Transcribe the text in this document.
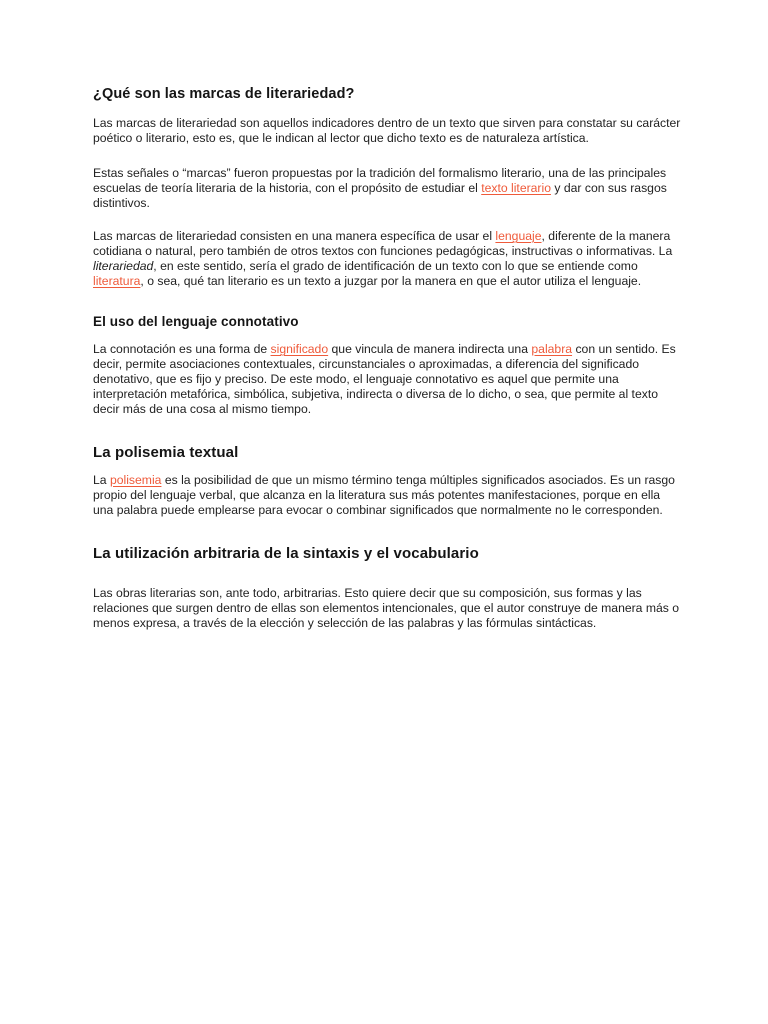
¿Qué son las marcas de literariedad?

Las marcas de literariedad son aquellos indicadores dentro de un texto que sirven para constatar su carácter poético o literario, esto es, que le indican al lector que dicho texto es de naturaleza artística.

Estas señales o “marcas” fueron propuestas por la tradición del formalismo literario, una de las principales escuelas de teoría literaria de la historia, con el propósito de estudiar el texto literario y dar con sus rasgos distintivos.

Las marcas de literariedad consisten en una manera específica de usar el lenguaje, diferente de la manera cotidiana o natural, pero también de otros textos con funciones pedagógicas, instructivas o informativas. La literariedad, en este sentido, sería el grado de identificación de un texto con lo que se entiende como literatura, o sea, qué tan literario es un texto a juzgar por la manera en que el autor utiliza el lenguaje.

El uso del lenguaje connotativo

La connotación es una forma de significado que vincula de manera indirecta una palabra con un sentido. Es decir, permite asociaciones contextuales, circunstanciales o aproximadas, a diferencia del significado denotativo, que es fijo y preciso. De este modo, el lenguaje connotativo es aquel que permite una interpretación metafórica, simbólica, subjetiva, indirecta o diversa de lo dicho, o sea, que permite al texto decir más de una cosa al mismo tiempo.

La polisemia textual

La polisemia es la posibilidad de que un mismo término tenga múltiples significados asociados. Es un rasgo propio del lenguaje verbal, que alcanza en la literatura sus más potentes manifestaciones, porque en ella una palabra puede emplearse para evocar o combinar significados que normalmente no le corresponden.

La utilización arbitraria de la sintaxis y el vocabulario

Las obras literarias son, ante todo, arbitrarias. Esto quiere decir que su composición, sus formas y las relaciones que surgen dentro de ellas son elementos intencionales, que el autor construye de manera más o menos expresa, a través de la elección y selección de las palabras y las fórmulas sintácticas.
